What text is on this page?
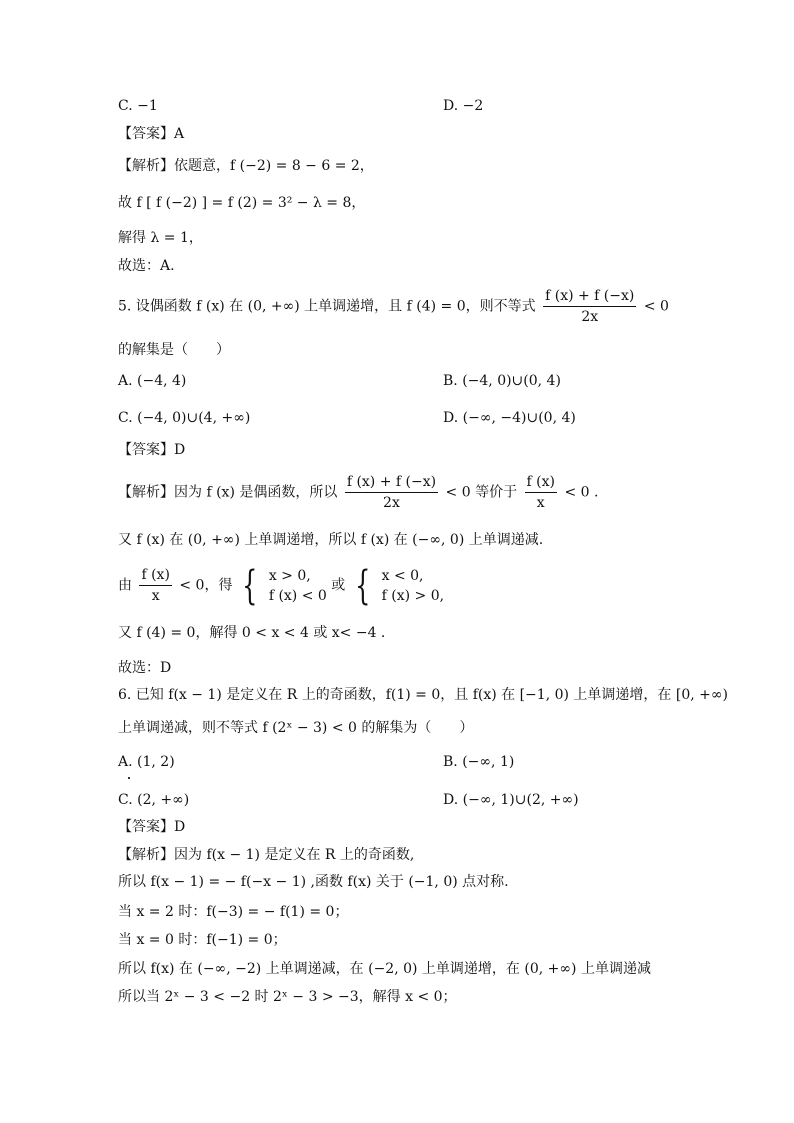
C. −1	D. −2
【答案】A
【解析】依题意，f (−2) = 8 − 6 = 2，
故 f [ f (−2) ] = f (2) = 3² − λ = 8，
解得 λ = 1，
故选：A.
5. 设偶函数 f (x) 在 (0, +∞) 上单调递增，且 f (4) = 0，则不等式 $\frac{f (x) + f (-x)}{2x} < 0$
的解集是（　　）
A. (−4, 4)	B. (−4, 0)∪(0, 4)
C. (−4, 0)∪(4, +∞)	D. (−∞, −4)∪(0, 4)
【答案】D
【解析】因为 f (x) 是偶函数，所以 $\frac{f (x) + f (-x)}{2x} < 0$ 等价于 $\frac{f (x)}{x} < 0$ .
又 f (x) 在 (0, +∞) 上单调递增，所以 f (x) 在 (−∞, 0) 上单调递减.
由 $\frac{f (x)}{x} < 0$，得 { x > 0,
f (x) < 0
或 { x < 0,
f (x) > 0,
又 f (4) = 0，解得 0 < x < 4 或 x< −4 .
故选：D
6. 已知 f(x − 1) 是定义在 R 上的奇函数，f(1) = 0，且 f(x) 在 [−1, 0) 上单调递增，在 [0, +∞)
上单调递减，则不等式 f (2ˣ − 3) < 0 的解集为（　　）
A. (1, 2)	B. (−∞, 1)
C. (2, +∞)	D. (−∞, 1)∪(2, +∞)
【答案】D
【解析】因为 f(x − 1) 是定义在 R 上的奇函数,
所以 f(x − 1) = − f(−x − 1) ,函数 f(x) 关于 (−1, 0) 点对称.
当 x = 2 时：f(−3) = − f(1) = 0；
当 x = 0 时：f(−1) = 0；
所以 f(x) 在 (−∞, −2) 上单调递减，在 (−2, 0) 上单调递增，在 (0, +∞) 上单调递减
所以当 2ˣ − 3 < −2 时 2ˣ − 3 > −3，解得 x < 0；
